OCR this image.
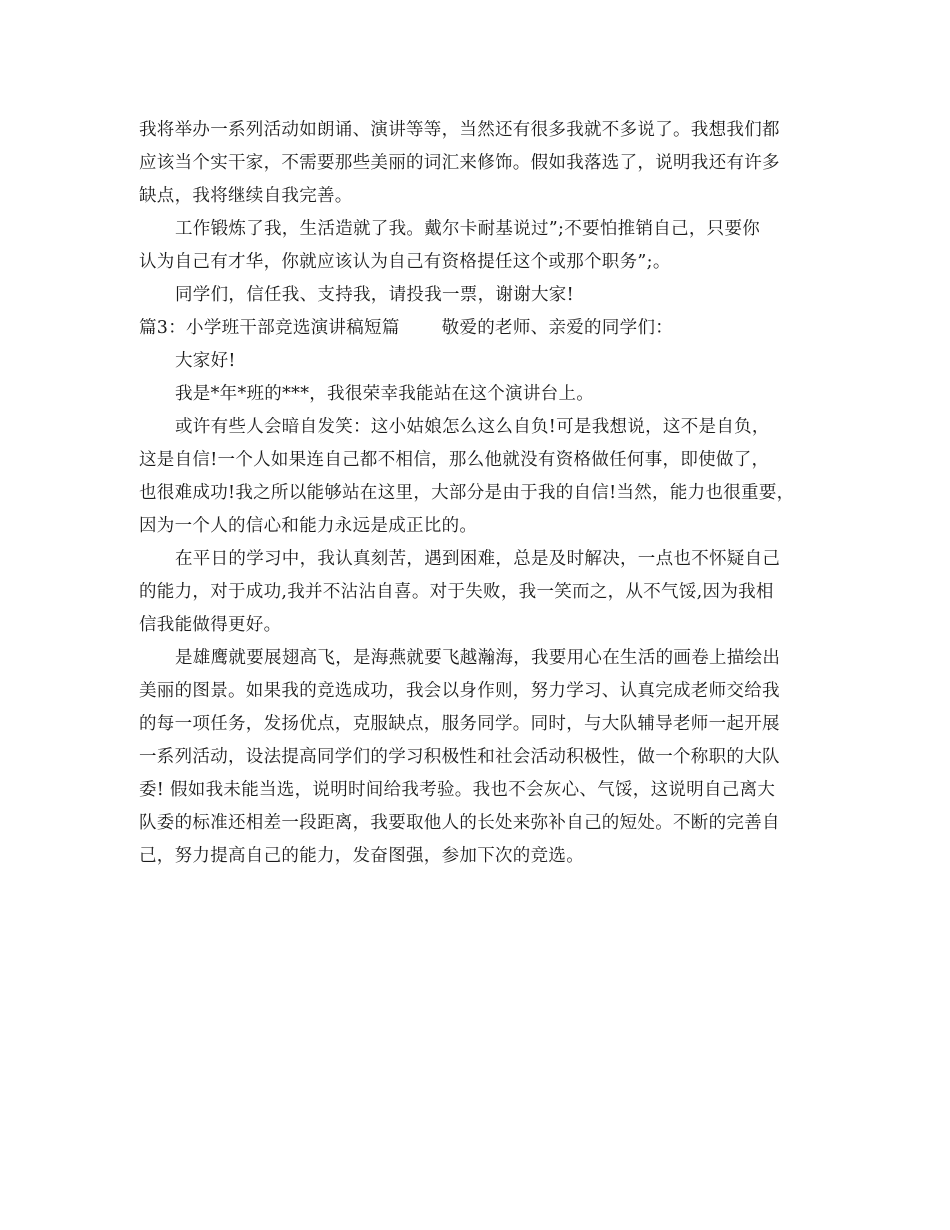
我将举办一系列活动如朗诵、演讲等等，当然还有很多我就不多说了。我想我们都
应该当个实干家，不需要那些美丽的词汇来修饰。假如我落选了，说明我还有许多
缺点，我将继续自我完善。
工作锻炼了我，生活造就了我。戴尔卡耐基说过”;不要怕推销自己，只要你
认为自己有才华，你就应该认为自己有资格提任这个或那个职务”;。
同学们，信任我、支持我，请投我一票，谢谢大家!
篇3：小学班干部竞选演讲稿短篇 敬爱的老师、亲爱的同学们：
大家好!
我是*年*班的***，我很荣幸我能站在这个演讲台上。
或许有些人会暗自发笑：这小姑娘怎么这么自负!可是我想说，这不是自负，
这是自信!一个人如果连自己都不相信，那么他就没有资格做任何事，即使做了，
也很难成功!我之所以能够站在这里，大部分是由于我的自信!当然，能力也很重要，
因为一个人的信心和能力永远是成正比的。
在平日的学习中，我认真刻苦，遇到困难，总是及时解决，一点也不怀疑自己
的能力，对于成功,我并不沾沾自喜。对于失败，我一笑而之，从不气馁,因为我相
信我能做得更好。
是雄鹰就要展翅高飞，是海燕就要飞越瀚海，我要用心在生活的画卷上描绘出
美丽的图景。如果我的竞选成功，我会以身作则，努力学习、认真完成老师交给我
的每一项任务，发扬优点，克服缺点，服务同学。同时，与大队辅导老师一起开展
一系列活动，设法提高同学们的学习积极性和社会活动积极性，做一个称职的大队
委! 假如我未能当选，说明时间给我考验。我也不会灰心、气馁，这说明自己离大
队委的标准还相差一段距离，我要取他人的长处来弥补自己的短处。不断的完善自
己，努力提高自己的能力，发奋图强，参加下次的竞选。
